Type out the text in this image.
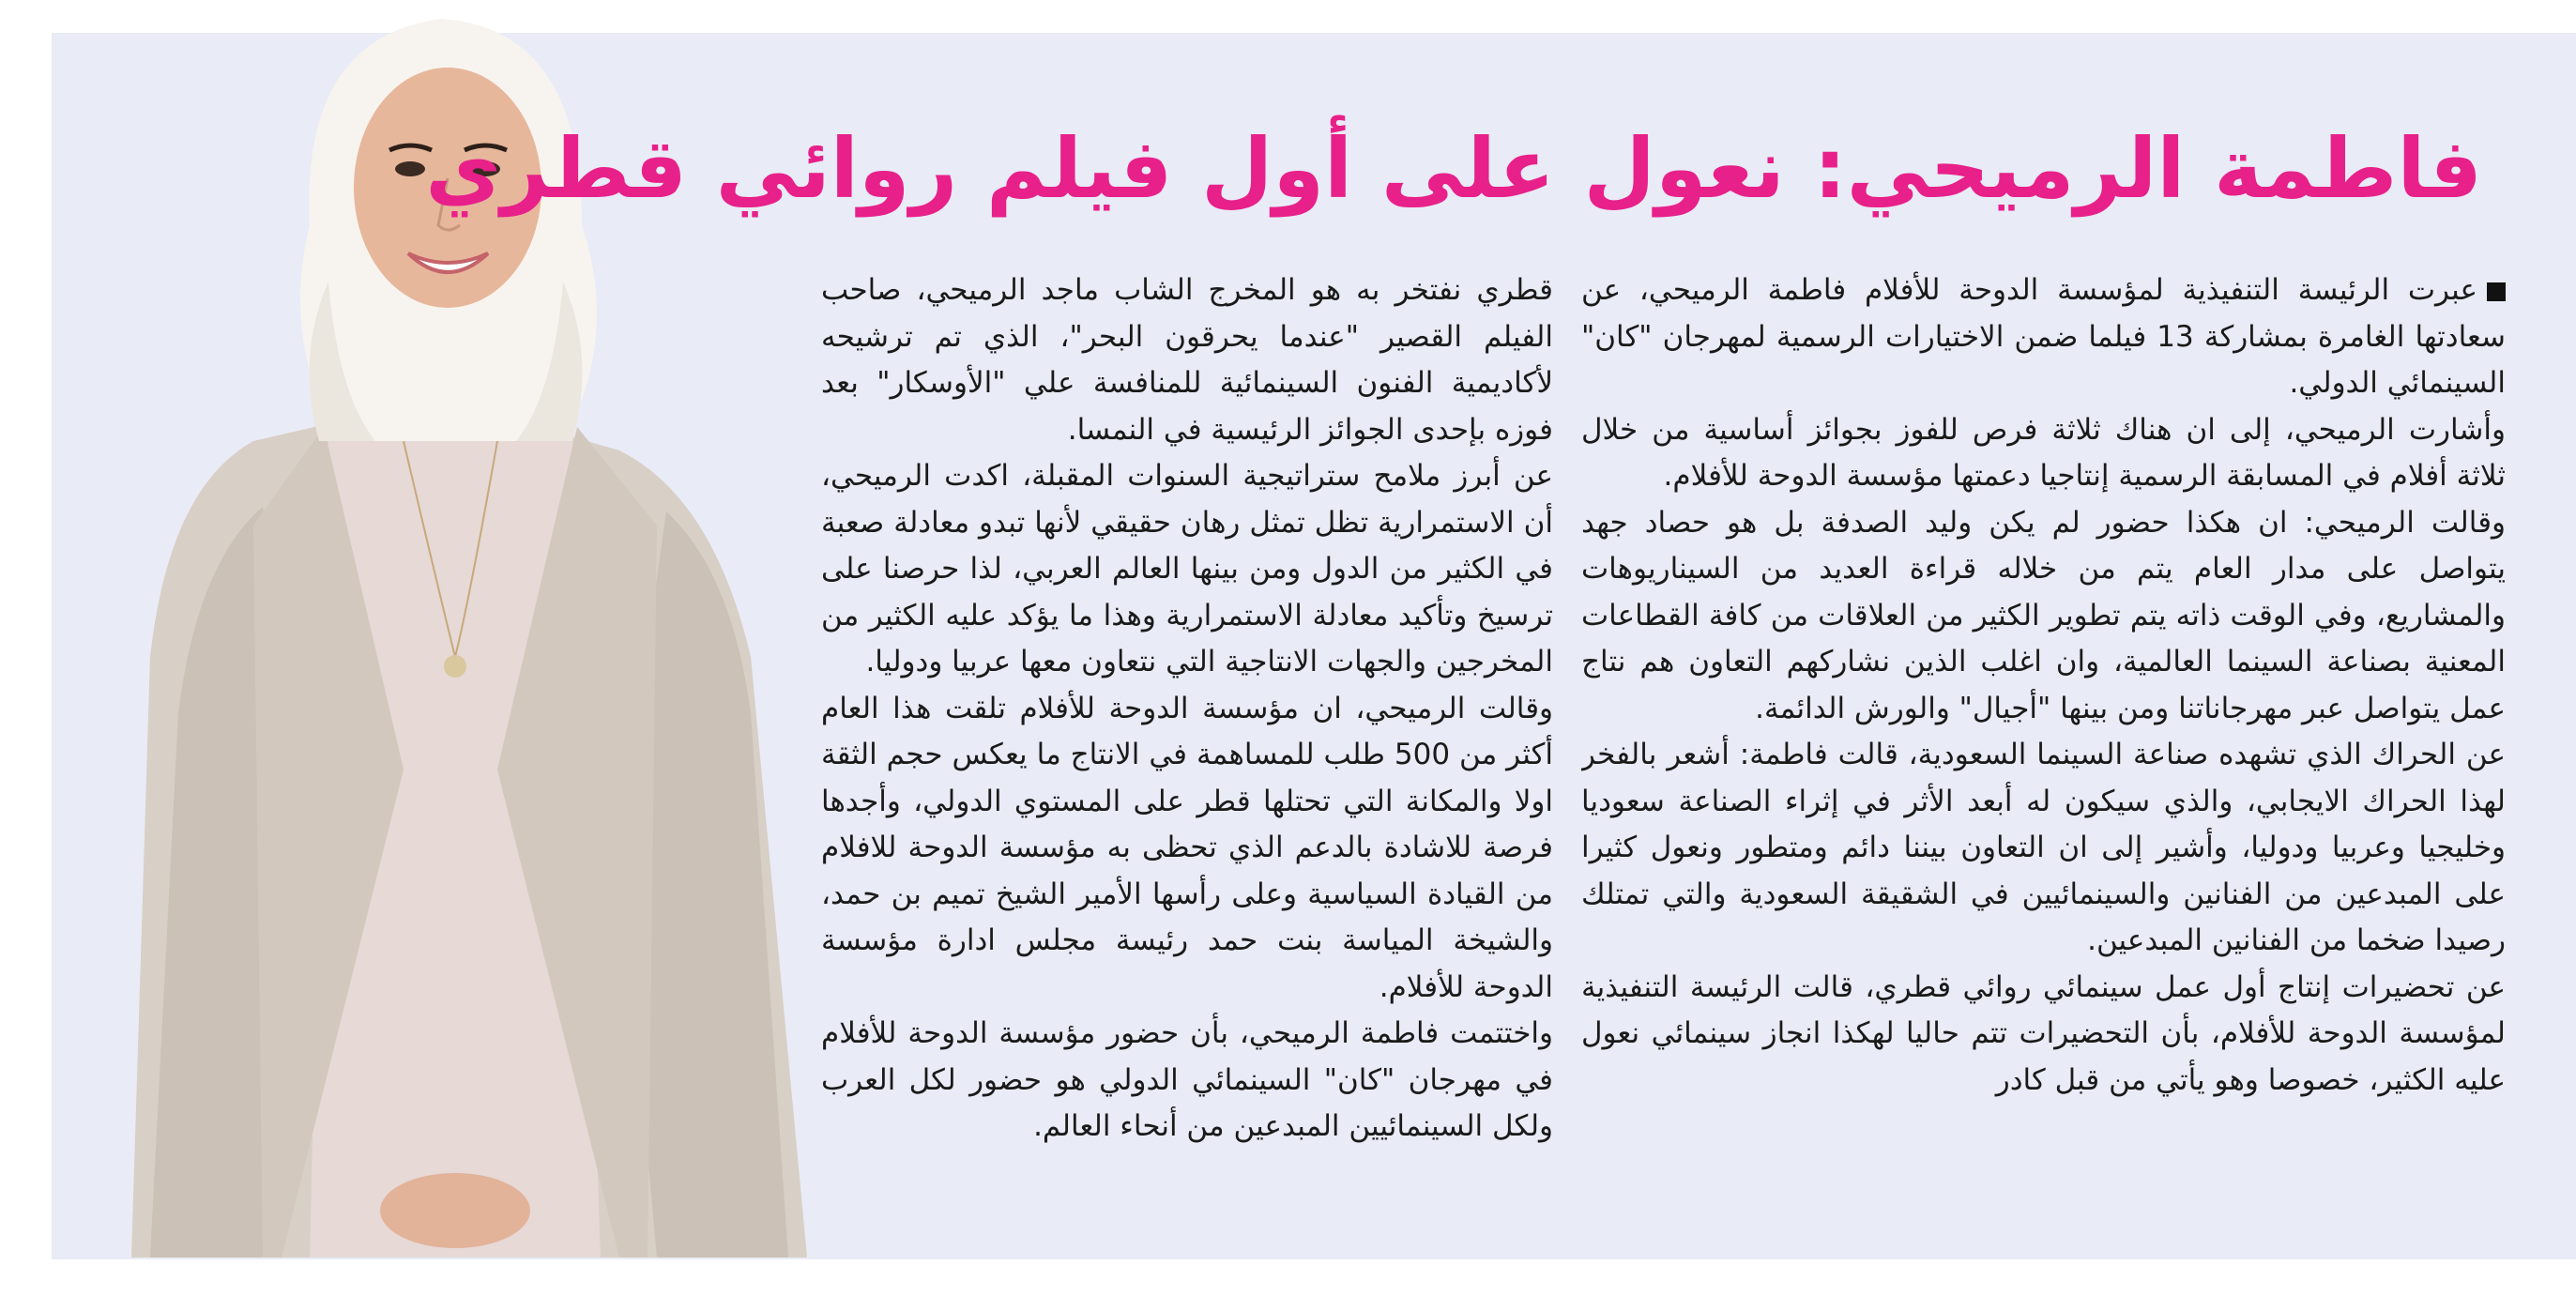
فاطمة الرميحي: نعول على أول فيلم روائي قطري

عبرت الرئيسة التنفيذية لمؤسسة الدوحة للأفلام فاطمة الرميحي، عن سعادتها الغامرة بمشاركة 13 فيلما ضمن الاختيارات الرسمية لمهرجان "كان" السينمائي الدولي.

وأشارت الرميحي، إلى ان هناك ثلاثة فرص للفوز بجوائز أساسية من خلال ثلاثة أفلام في المسابقة الرسمية إنتاجيا دعمتها مؤسسة الدوحة للأفلام.

وقالت الرميحي: ان هكذا حضور لم يكن وليد الصدفة بل هو حصاد جهد يتواصل على مدار العام يتم من خلاله قراءة العديد من السيناريوهات والمشاريع، وفي الوقت ذاته يتم تطوير الكثير من العلاقات من كافة القطاعات المعنية بصناعة السينما العالمية، وان اغلب الذين نشاركهم التعاون هم نتاج عمل يتواصل عبر مهرجاناتنا ومن بينها "أجيال" والورش الدائمة.

عن الحراك الذي تشهده صناعة السينما السعودية، قالت فاطمة: أشعر بالفخر لهذا الحراك الايجابي، والذي سيكون له أبعد الأثر في إثراء الصناعة سعوديا وخليجيا وعربيا ودوليا، وأشير إلى ان التعاون بيننا دائم ومتطور ونعول كثيرا على المبدعين من الفنانين والسينمائيين في الشقيقة السعودية والتي تمتلك رصيدا ضخما من الفنانين المبدعين.

عن تحضيرات إنتاج أول عمل سينمائي روائي قطري، قالت الرئيسة التنفيذية لمؤسسة الدوحة للأفلام، بأن التحضيرات تتم حاليا لهكذا انجاز سينمائي نعول عليه الكثير، خصوصا وهو يأتي من قبل كادر

قطري نفتخر به هو المخرج الشاب ماجد الرميحي، صاحب الفيلم القصير "عندما يحرقون البحر"، الذي تم ترشيحه لأكاديمية الفنون السينمائية للمنافسة علي "الأوسكار" بعد فوزه بإحدى الجوائز الرئيسية في النمسا.

عن أبرز ملامح ستراتيجية السنوات المقبلة، اكدت الرميحي، أن الاستمرارية تظل تمثل رهان حقيقي لأنها تبدو معادلة صعبة في الكثير من الدول ومن بينها العالم العربي، لذا حرصنا على ترسيخ وتأكيد معادلة الاستمرارية وهذا ما يؤكد عليه الكثير من المخرجين والجهات الانتاجية التي نتعاون معها عربيا ودوليا.

وقالت الرميحي، ان مؤسسة الدوحة للأفلام تلقت هذا العام أكثر من 500 طلب للمساهمة في الانتاج ما يعكس حجم الثقة اولا والمكانة التي تحتلها قطر على المستوي الدولي، وأجدها فرصة للاشادة بالدعم الذي تحظى به مؤسسة الدوحة للافلام من القيادة السياسية وعلى رأسها الأمير الشيخ تميم بن حمد، والشيخة المياسة بنت حمد رئيسة مجلس ادارة مؤسسة الدوحة للأفلام.

واختتمت فاطمة الرميحي، بأن حضور مؤسسة الدوحة للأفلام في مهرجان "كان" السينمائي الدولي هو حضور لكل العرب ولكل السينمائيين المبدعين من أنحاء العالم.
